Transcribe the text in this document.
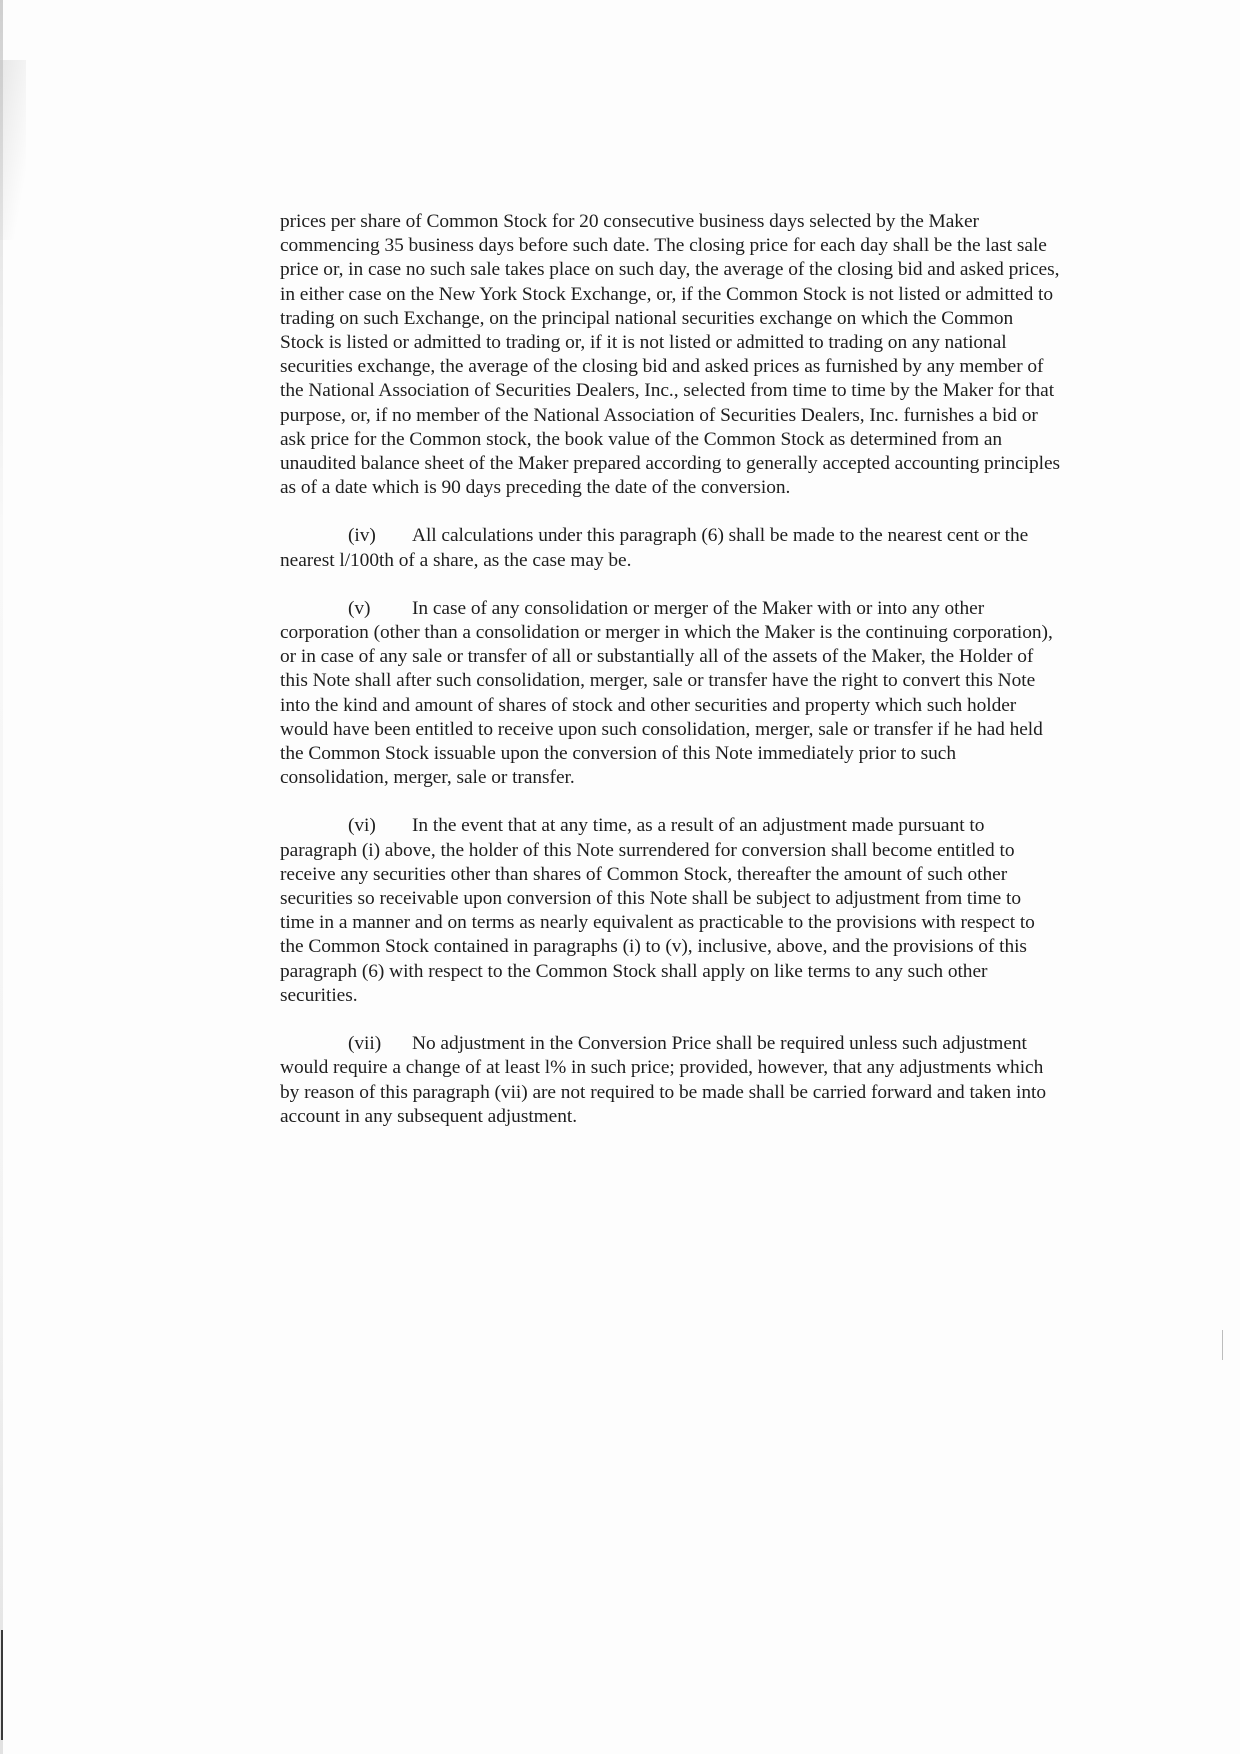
prices per share of Common Stock for 20 consecutive business days selected by the Maker commencing 35 business days before such date. The closing price for each day shall be the last sale price or, in case no such sale takes place on such day, the average of the closing bid and asked prices, in either case on the New York Stock Exchange, or, if the Common Stock is not listed or admitted to trading on such Exchange, on the principal national securities exchange on which the Common Stock is listed or admitted to trading or, if it is not listed or admitted to trading on any national securities exchange, the average of the closing bid and asked prices as furnished by any member of the National Association of Securities Dealers, Inc., selected from time to time by the Maker for that purpose, or, if no member of the National Association of Securities Dealers, Inc. furnishes a bid or ask price for the Common stock, the book value of the Common Stock as determined from an unaudited balance sheet of the Maker prepared according to generally accepted accounting principles as of a date which is 90 days preceding the date of the conversion.

(iv) All calculations under this paragraph (6) shall be made to the nearest cent or the nearest l/100th of a share, as the case may be.

(v) In case of any consolidation or merger of the Maker with or into any other corporation (other than a consolidation or merger in which the Maker is the continuing corporation), or in case of any sale or transfer of all or substantially all of the assets of the Maker, the Holder of this Note shall after such consolidation, merger, sale or transfer have the right to convert this Note into the kind and amount of shares of stock and other securities and property which such holder would have been entitled to receive upon such consolidation, merger, sale or transfer if he had held the Common Stock issuable upon the conversion of this Note immediately prior to such consolidation, merger, sale or transfer.

(vi) In the event that at any time, as a result of an adjustment made pursuant to paragraph (i) above, the holder of this Note surrendered for conversion shall become entitled to receive any securities other than shares of Common Stock, thereafter the amount of such other securities so receivable upon conversion of this Note shall be subject to adjustment from time to time in a manner and on terms as nearly equivalent as practicable to the provisions with respect to the Common Stock contained in paragraphs (i) to (v), inclusive, above, and the provisions of this paragraph (6) with respect to the Common Stock shall apply on like terms to any such other securities.

(vii) No adjustment in the Conversion Price shall be required unless such adjustment would require a change of at least l% in such price; provided, however, that any adjustments which by reason of this paragraph (vii) are not required to be made shall be carried forward and taken into account in any subsequent adjustment.
